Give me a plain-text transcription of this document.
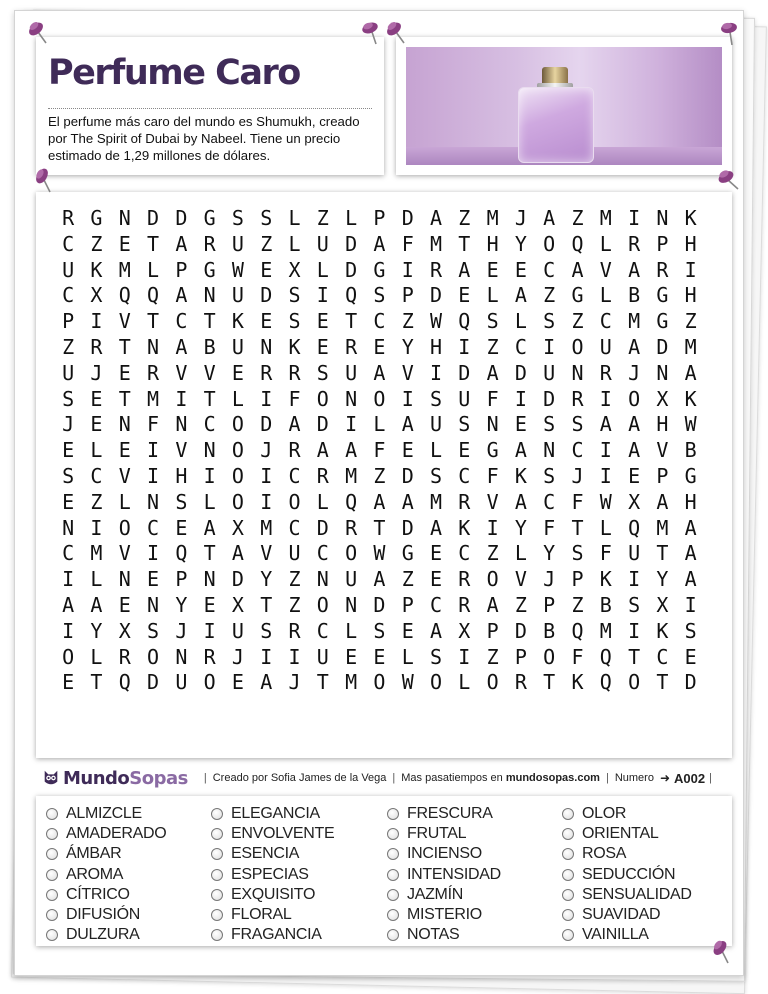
Perfume Caro

El perfume más caro del mundo es Shumukh, creado por The Spirit of Dubai by Nabeel. Tiene un precio estimado de 1,29 millones de dólares.

R G N D D G S S L Z L P D A Z M J A Z M I N K
C Z E T A R U Z L U D A F M T H Y O Q L R P H
U K M L P G W E X L D G I R A E E C A V A R I
C X Q Q A N U D S I Q S P D E L A Z G L B G H
P I V T C T K E S E T C Z W Q S L S Z C M G Z
Z R T N A B U N K E R E Y H I Z C I O U A D M
U J E R V V E R R S U A V I D A D U N R J N A
S E T M I T L I F O N O I S U F I D R I O X K
J E N F N C O D A D I L A U S N E S S A A H W
E L E I V N O J R A A F E L E G A N C I A V B
S C V I H I O I C R M Z D S C F K S J I E P G
E Z L N S L O I O L Q A A M R V A C F W X A H
N I O C E A X M C D R T D A K I Y F T L Q M A
C M V I Q T A V U C O W G E C Z L Y S F U T A
I L N E P N D Y Z N U A Z E R O V J P K I Y A
A A E N Y E X T Z O N D P C R A Z P Z B S X I
I Y X S J I U S R C L S E A X P D B Q M I K S
O L R O N R J I I U E E L S I Z P O F Q T C E
E T Q D U O E A J T M O W O L O R T K Q O T D
MundoSopas | Creado por Sofia James de la Vega | Mas pasatiempos en mundosopas.com | Numero ➜ A002 |
ALMIZCLE	ELEGANCIA	FRESCURA	OLOR
AMADERADO	ENVOLVENTE	FRUTAL	ORIENTAL
ÁMBAR	ESENCIA	INCIENSO	ROSA
AROMA	ESPECIAS	INTENSIDAD	SEDUCCIÓN
CÍTRICO	EXQUISITO	JAZMÍN	SENSUALIDAD
DIFUSIÓN	FLORAL	MISTERIO	SUAVIDAD
DULZURA	FRAGANCIA	NOTAS	VAINILLA
